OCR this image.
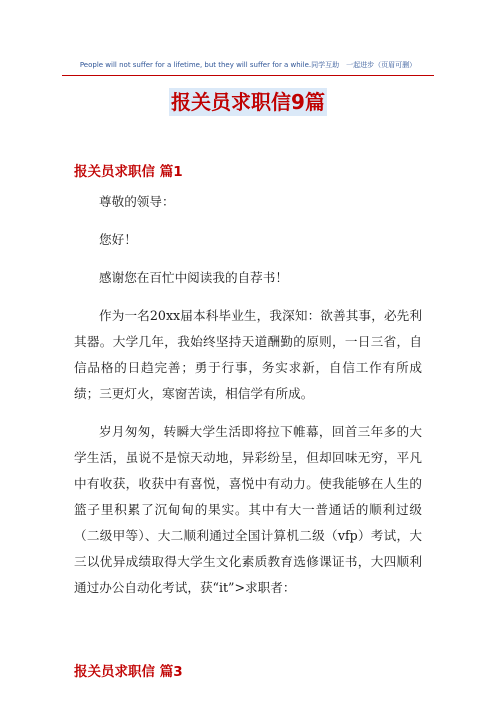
People will not suffer for a lifetime, but they will suffer for a while.同学互助　一起进步（页眉可删）
报关员求职信9篇
报关员求职信 篇1

尊敬的领导：

您好！

感谢您在百忙中阅读我的自荐书！

作为一名20xx届本科毕业生，我深知：欲善其事，必先利其器。大学几年，我始终坚持天道酬勤的原则，一日三省，自信品格的日趋完善；勇于行事，务实求新，自信工作有所成绩；三更灯火，寒窗苦读，相信学有所成。

岁月匆匆，转瞬大学生活即将拉下帷幕，回首三年多的大学生活，虽说不是惊天动地，异彩纷呈，但却回味无穷，平凡中有收获，收获中有喜悦，喜悦中有动力。使我能够在人生的篮子里积累了沉甸甸的果实。其中有大一普通话的顺利过级（二级甲等）、大二顺利通过全国计算机二级（vfp）考试，大三以优异成绩取得大学生文化素质教育选修课证书，大四顺利通过办公自动化考试，获“it”>求职者：

报关员求职信 篇3
